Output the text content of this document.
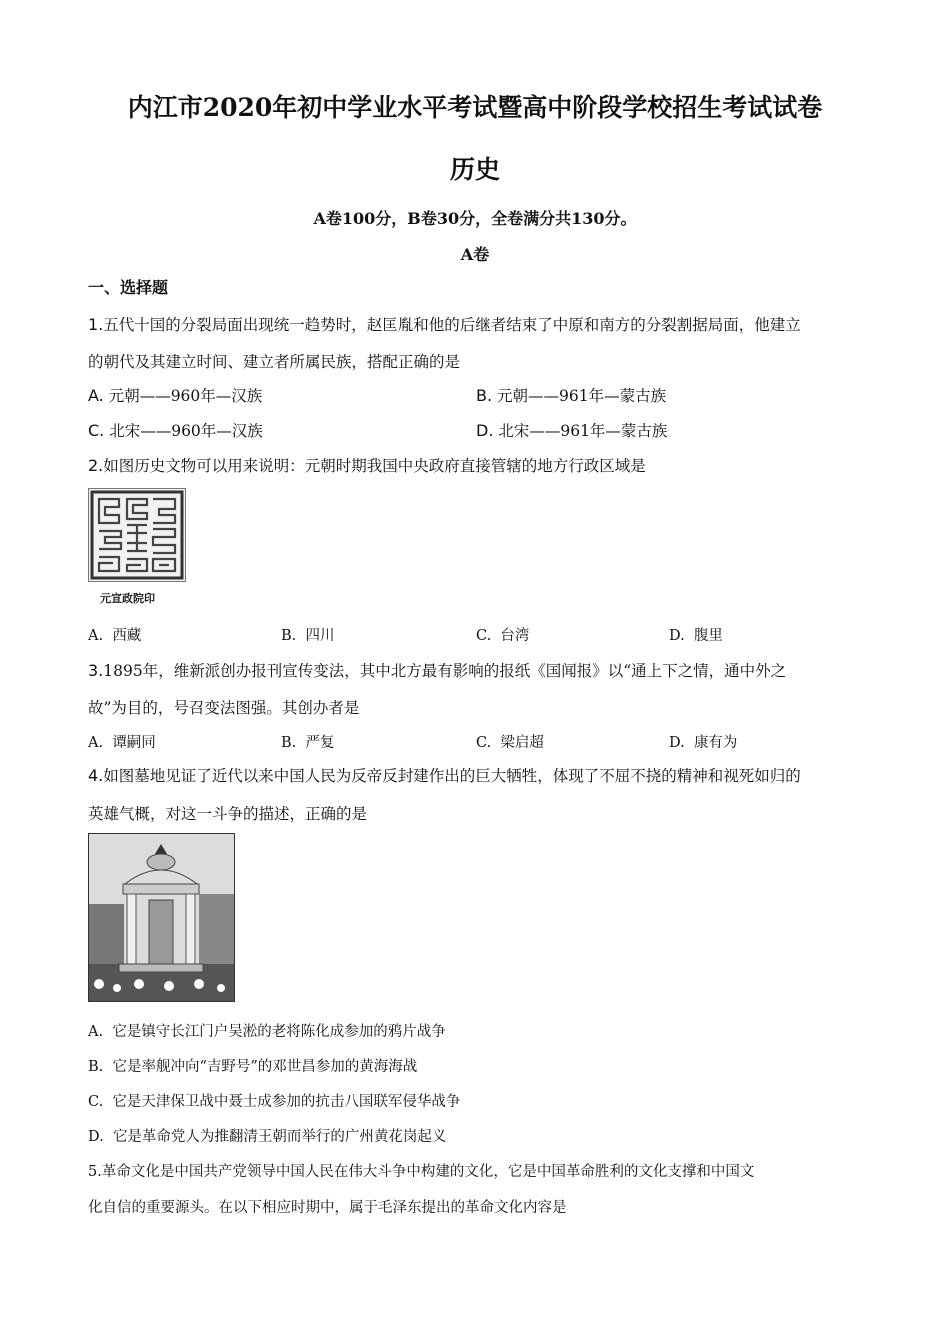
内江市2020年初中学业水平考试暨高中阶段学校招生考试试卷
历史
A卷100分，B卷30分，全卷满分共130分。
A卷
一、选择题
1.五代十国的分裂局面出现统一趋势时，赵匡胤和他的后继者结束了中原和南方的分裂割据局面，他建立
的朝代及其建立时间、建立者所属民族，搭配正确的是
A. 元朝——960年—汉族	B. 元朝——961年—蒙古族
C. 北宋——960年—汉族	D. 北宋——961年—蒙古族
2.如图历史文物可以用来说明：元朝时期我国中央政府直接管辖的地方行政区域是
元宣政院印
A. 西藏	B. 四川	C. 台湾	D. 腹里
3.1895年，维新派创办报刊宣传变法，其中北方最有影响的报纸《国闻报》以“通上下之情，通中外之
故”为目的，号召变法图强。其创办者是
A. 谭嗣同	B. 严复	C. 梁启超	D. 康有为
4.如图墓地见证了近代以来中国人民为反帝反封建作出的巨大牺牲，体现了不屈不挠的精神和视死如归的
英雄气概，对这一斗争的描述，正确的是
A. 它是镇守长江门户吴淞的老将陈化成参加的鸦片战争
B. 它是率舰冲向“吉野号”的邓世昌参加的黄海海战
C. 它是天津保卫战中聂士成参加的抗击八国联军侵华战争
D. 它是革命党人为推翻清王朝而举行的广州黄花岗起义
5.革命文化是中国共产党领导中国人民在伟大斗争中构建的文化，它是中国革命胜利的文化支撑和中国文
化自信的重要源头。在以下相应时期中，属于毛泽东提出的革命文化内容是
